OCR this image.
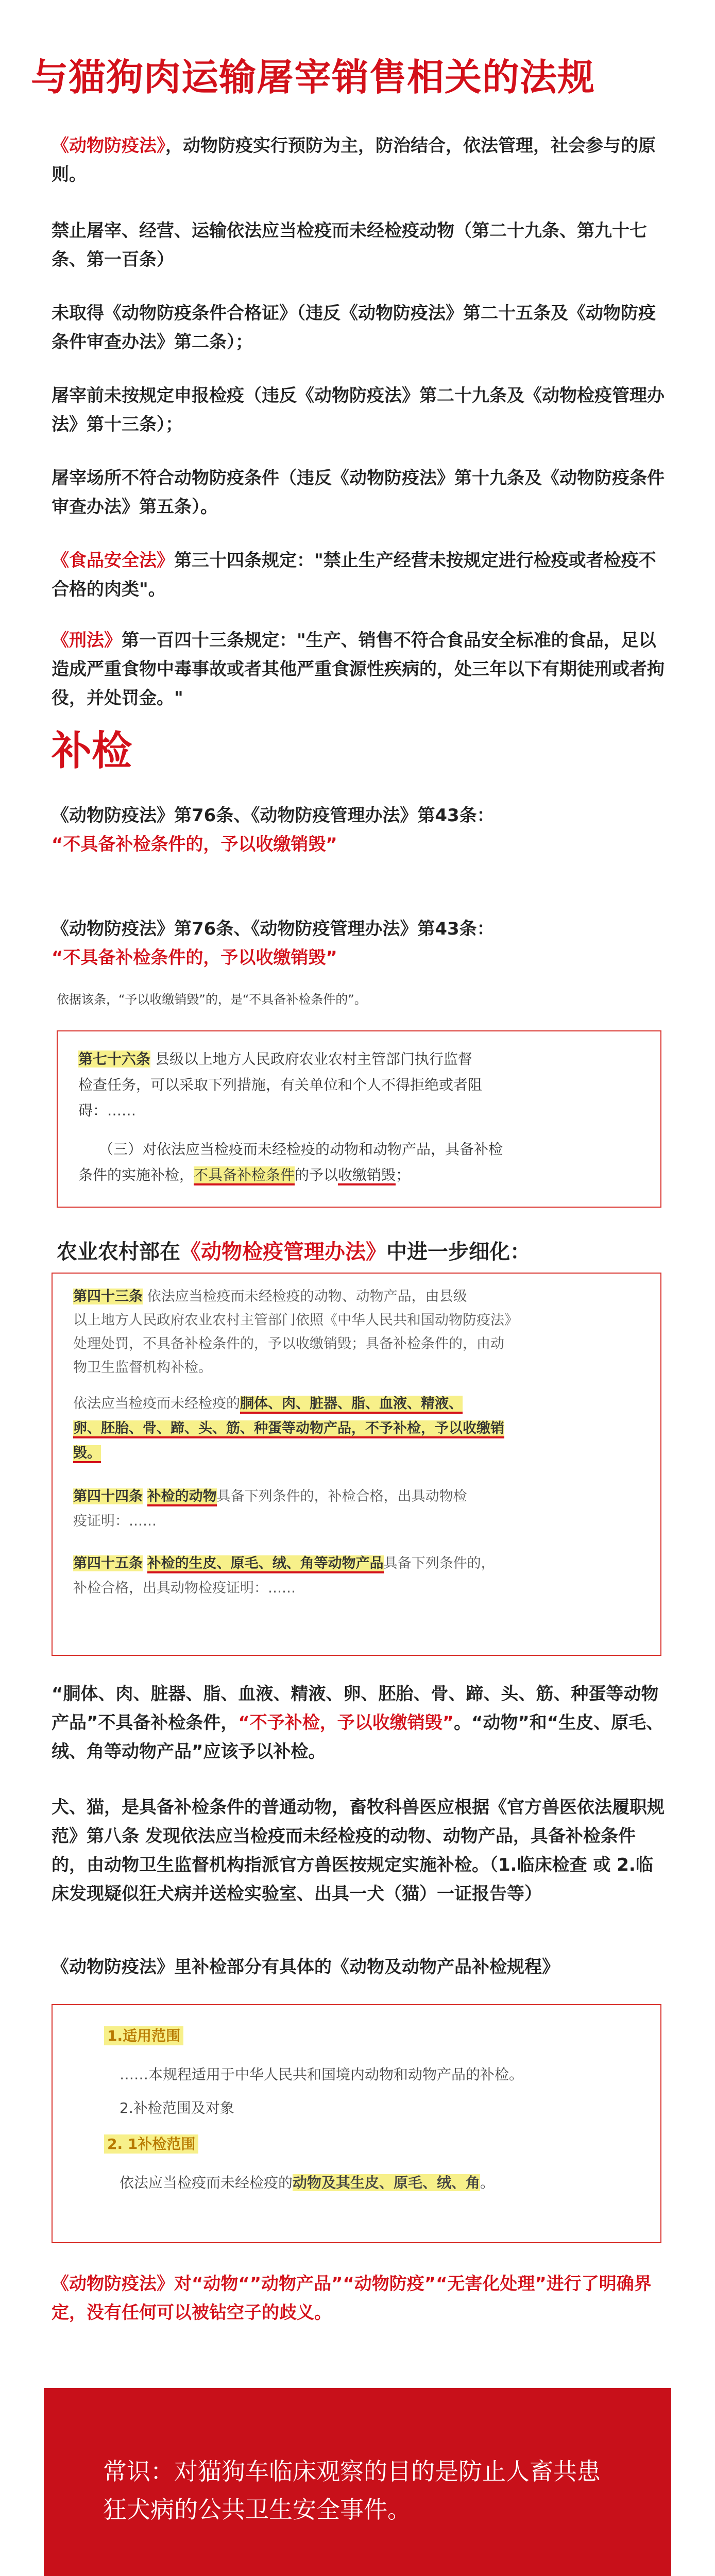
与猫狗肉运输屠宰销售相关的法规
《动物防疫法》，动物防疫实行预防为主，防治结合，依法管理，社会参与的原则。
禁止屠宰、经营、运输依法应当检疫而未经检疫动物（第二十九条、第九十七条、第一百条）
未取得《动物防疫条件合格证》（违反《动物防疫法》第二十五条及《动物防疫条件审查办法》第二条）；
屠宰前未按规定申报检疫（违反《动物防疫法》第二十九条及《动物检疫管理办法》第十三条）；
屠宰场所不符合动物防疫条件（违反《动物防疫法》第十九条及《动物防疫条件审查办法》第五条）。
《食品安全法》第三十四条规定："禁止生产经营未按规定进行检疫或者检疫不合格的肉类"。
《刑法》第一百四十三条规定："生产、销售不符合食品安全标准的食品，足以造成严重食物中毒事故或者其他严重食源性疾病的，处三年以下有期徒刑或者拘役，并处罚金。"
补检
《动物防疫法》第76条、《动物防疫管理办法》第43条：
“不具备补检条件的，予以收缴销毁”
《动物防疫法》第76条、《动物防疫管理办法》第43条：
“不具备补检条件的，予以收缴销毁”
依据该条，“予以收缴销毁”的，是“不具备补检条件的”。
第七十六条 县级以上地方人民政府农业农村主管部门执行监督
检查任务，可以采取下列措施，有关单位和个人不得拒绝或者阻
碍：……
（三）对依法应当检疫而未经检疫的动物和动物产品，具备补检
条件的实施补检，不具备补检条件的予以收缴销毁；
农业农村部在《动物检疫管理办法》中进一步细化：
第四十三条 依法应当检疫而未经检疫的动物、动物产品，由县级
以上地方人民政府农业农村主管部门依照《中华人民共和国动物防疫法》
处理处罚，不具备补检条件的，予以收缴销毁；具备补检条件的，由动
物卫生监督机构补检。
依法应当检疫而未经检疫的胴体、肉、脏器、脂、血液、精液、
卵、胚胎、骨、蹄、头、筋、种蛋等动物产品，不予补检，予以收缴销
毁。
第四十四条 补检的动物具备下列条件的，补检合格，出具动物检
疫证明：……
第四十五条 补检的生皮、原毛、绒、角等动物产品具备下列条件的，
补检合格，出具动物检疫证明：……
“胴体、肉、脏器、脂、血液、精液、卵、胚胎、骨、蹄、头、筋、种蛋等动物产品”不具备补检条件，“不予补检，予以收缴销毁”。“动物”和“生皮、原毛、绒、角等动物产品”应该予以补检。
犬、猫，是具备补检条件的普通动物，畜牧科兽医应根据《官方兽医依法履职规范》第八条 发现依法应当检疫而未经检疫的动物、动物产品，具备补检条件的，由动物卫生监督机构指派官方兽医按规定实施补检。（1.临床检查 或 2.临床发现疑似狂犬病并送检实验室、出具一犬（猫）一证报告等）
《动物防疫法》里补检部分有具体的《动物及动物产品补检规程》
1.适用范围
……本规程适用于中华人民共和国境内动物和动物产品的补检。
2.补检范围及对象
2. 1补检范围
依法应当检疫而未经检疫的动物及其生皮、原毛、绒、角。
《动物防疫法》对“动物“”动物产品”“动物防疫”“无害化处理”进行了明确界定，没有任何可以被钻空子的歧义。
常识：对猫狗车临床观察的目的是防止人畜共患狂犬病的公共卫生安全事件。
